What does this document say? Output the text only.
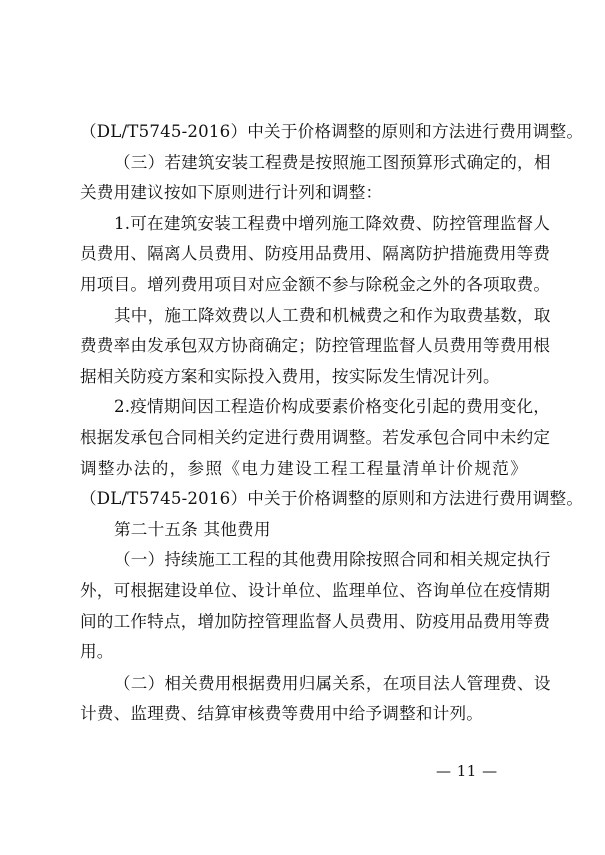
（DL/T5745-2016）中关于价格调整的原则和方法进行费用调整。

（三）若建筑安装工程费是按照施工图预算形式确定的，相
关费用建议按如下原则进行计列和调整：

1.可在建筑安装工程费中增列施工降效费、防控管理监督人
员费用、隔离人员费用、防疫用品费用、隔离防护措施费用等费
用项目。增列费用项目对应金额不参与除税金之外的各项取费。

其中，施工降效费以人工费和机械费之和作为取费基数，取
费费率由发承包双方协商确定；防控管理监督人员费用等费用根
据相关防疫方案和实际投入费用，按实际发生情况计列。

2.疫情期间因工程造价构成要素价格变化引起的费用变化，
根据发承包合同相关约定进行费用调整。若发承包合同中未约定
调整办法的，参照《电力建设工程工程量清单计价规范》
（DL/T5745-2016）中关于价格调整的原则和方法进行费用调整。

第二十五条 其他费用

（一）持续施工工程的其他费用除按照合同和相关规定执行
外，可根据建设单位、设计单位、监理单位、咨询单位在疫情期
间的工作特点，增加防控管理监督人员费用、防疫用品费用等费
用。

（二）相关费用根据费用归属关系，在项目法人管理费、设
计费、监理费、结算审核费等费用中给予调整和计列。

— 11 —
